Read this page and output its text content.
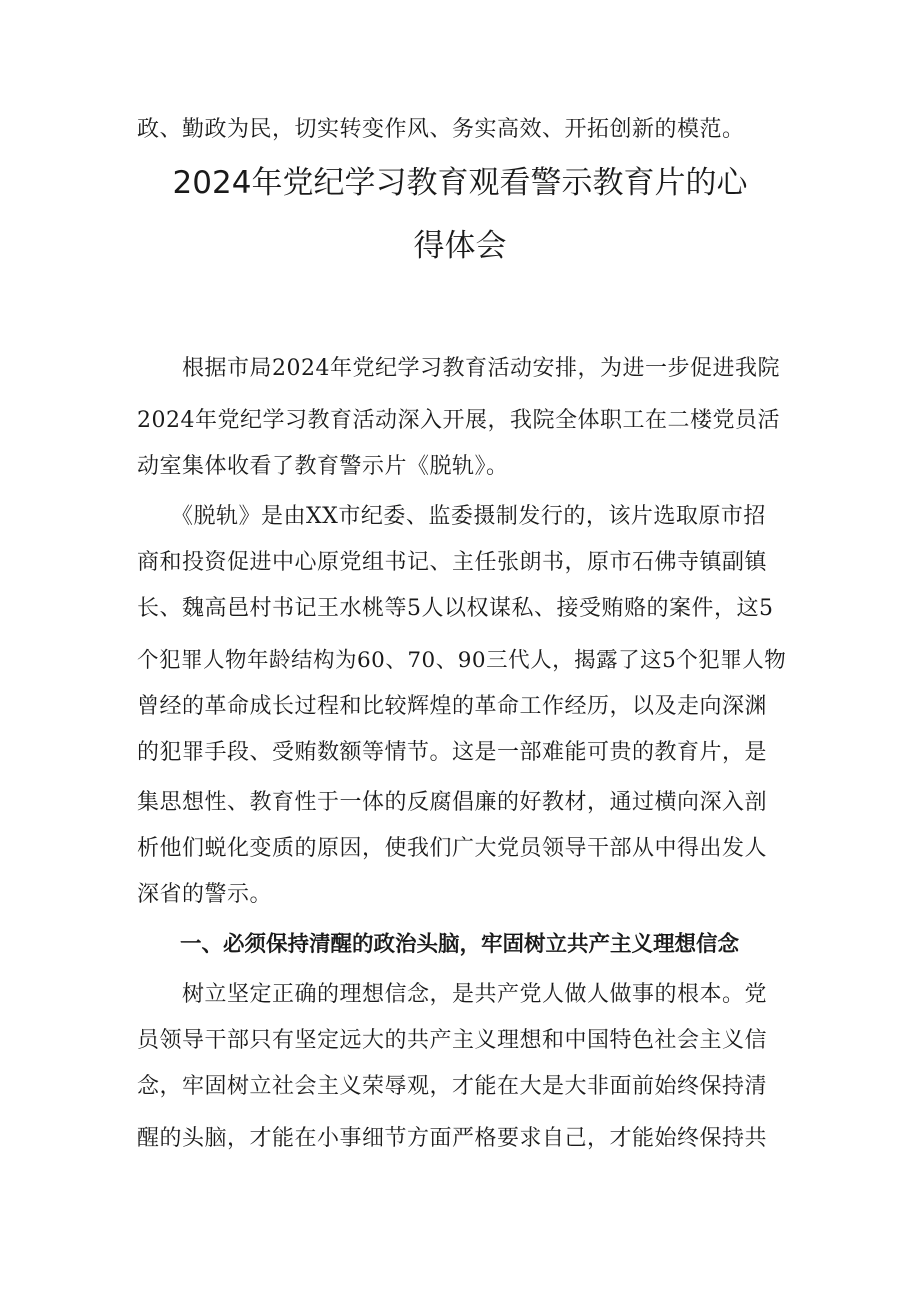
政、勤政为民，切实转变作风、务实高效、开拓创新的模范。

2024年党纪学习教育观看警示教育片的心
得体会

　　根据市局2024年党纪学习教育活动安排，为进一步促进我院

2024年党纪学习教育活动深入开展，我院全体职工在二楼党员活

动室集体收看了教育警示片《脱轨》。

　　《脱轨》是由XX市纪委、监委摄制发行的，该片选取原市招

商和投资促进中心原党组书记、主任张朗书，原市石佛寺镇副镇

长、魏高邑村书记王水桃等5人以权谋私、接受贿赂的案件，这5

个犯罪人物年龄结构为60、70、90三代人，揭露了这5个犯罪人物

曾经的革命成长过程和比较辉煌的革命工作经历，以及走向深渊

的犯罪手段、受贿数额等情节。这是一部难能可贵的教育片，是

集思想性、教育性于一体的反腐倡廉的好教材，通过横向深入剖

析他们蜕化变质的原因，使我们广大党员领导干部从中得出发人

深省的警示。

　　一、必须保持清醒的政治头脑，牢固树立共产主义理想信念

　　树立坚定正确的理想信念，是共产党人做人做事的根本。党

员领导干部只有坚定远大的共产主义理想和中国特色社会主义信

念，牢固树立社会主义荣辱观，才能在大是大非面前始终保持清

醒的头脑，才能在小事细节方面严格要求自己，才能始终保持共
